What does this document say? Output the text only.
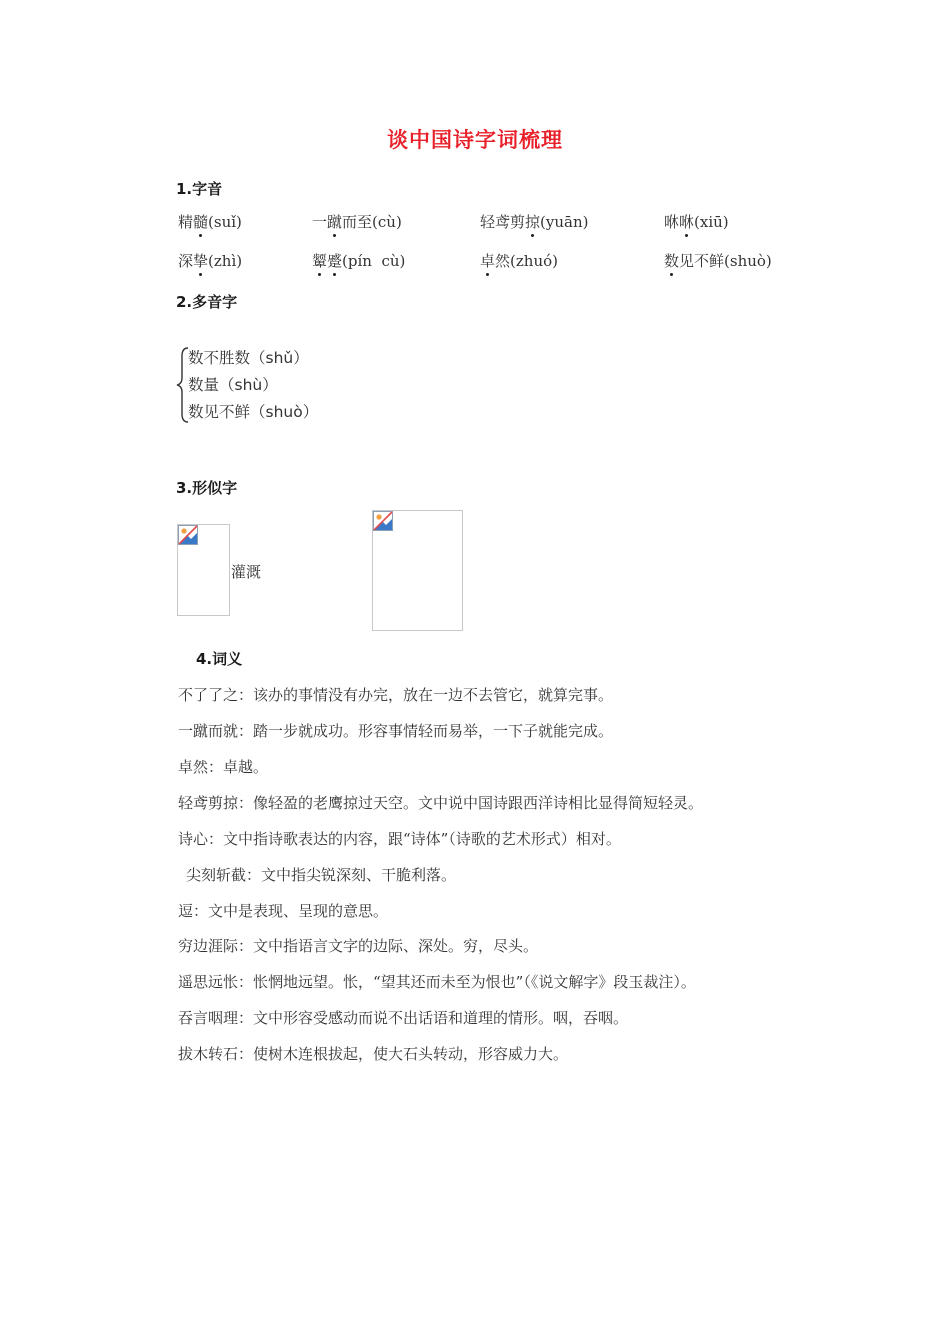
谈中国诗字词梳理
1.字音
精髓(suǐ)	一蹴而至(cù)	轻鸢剪掠(yuān)	咻咻(xiū)
深挚(zhì)	颦蹙(pín  cù)	卓然(zhuó)	数见不鲜(shuò)
2.多音字
数不胜数（shǔ）
数量（shù）
数见不鲜（shuò）
3.形似字
灌溉
4.词义
不了了之：该办的事情没有办完，放在一边不去管它，就算完事。
一蹴而就：踏一步就成功。形容事情轻而易举，一下子就能完成。
卓然：卓越。
轻鸢剪掠：像轻盈的老鹰掠过天空。文中说中国诗跟西洋诗相比显得简短轻灵。
诗心：文中指诗歌表达的内容，跟“诗体”（诗歌的艺术形式）相对。
尖刻斩截：文中指尖锐深刻、干脆利落。
逗：文中是表现、呈现的意思。
穷边涯际：文中指语言文字的边际、深处。穷，尽头。
遥思远怅：怅惘地远望。怅，“望其还而未至为恨也”（《说文解字》段玉裁注）。
吞言咽理：文中形容受感动而说不出话语和道理的情形。咽，吞咽。
拔木转石：使树木连根拔起，使大石头转动，形容威力大。
